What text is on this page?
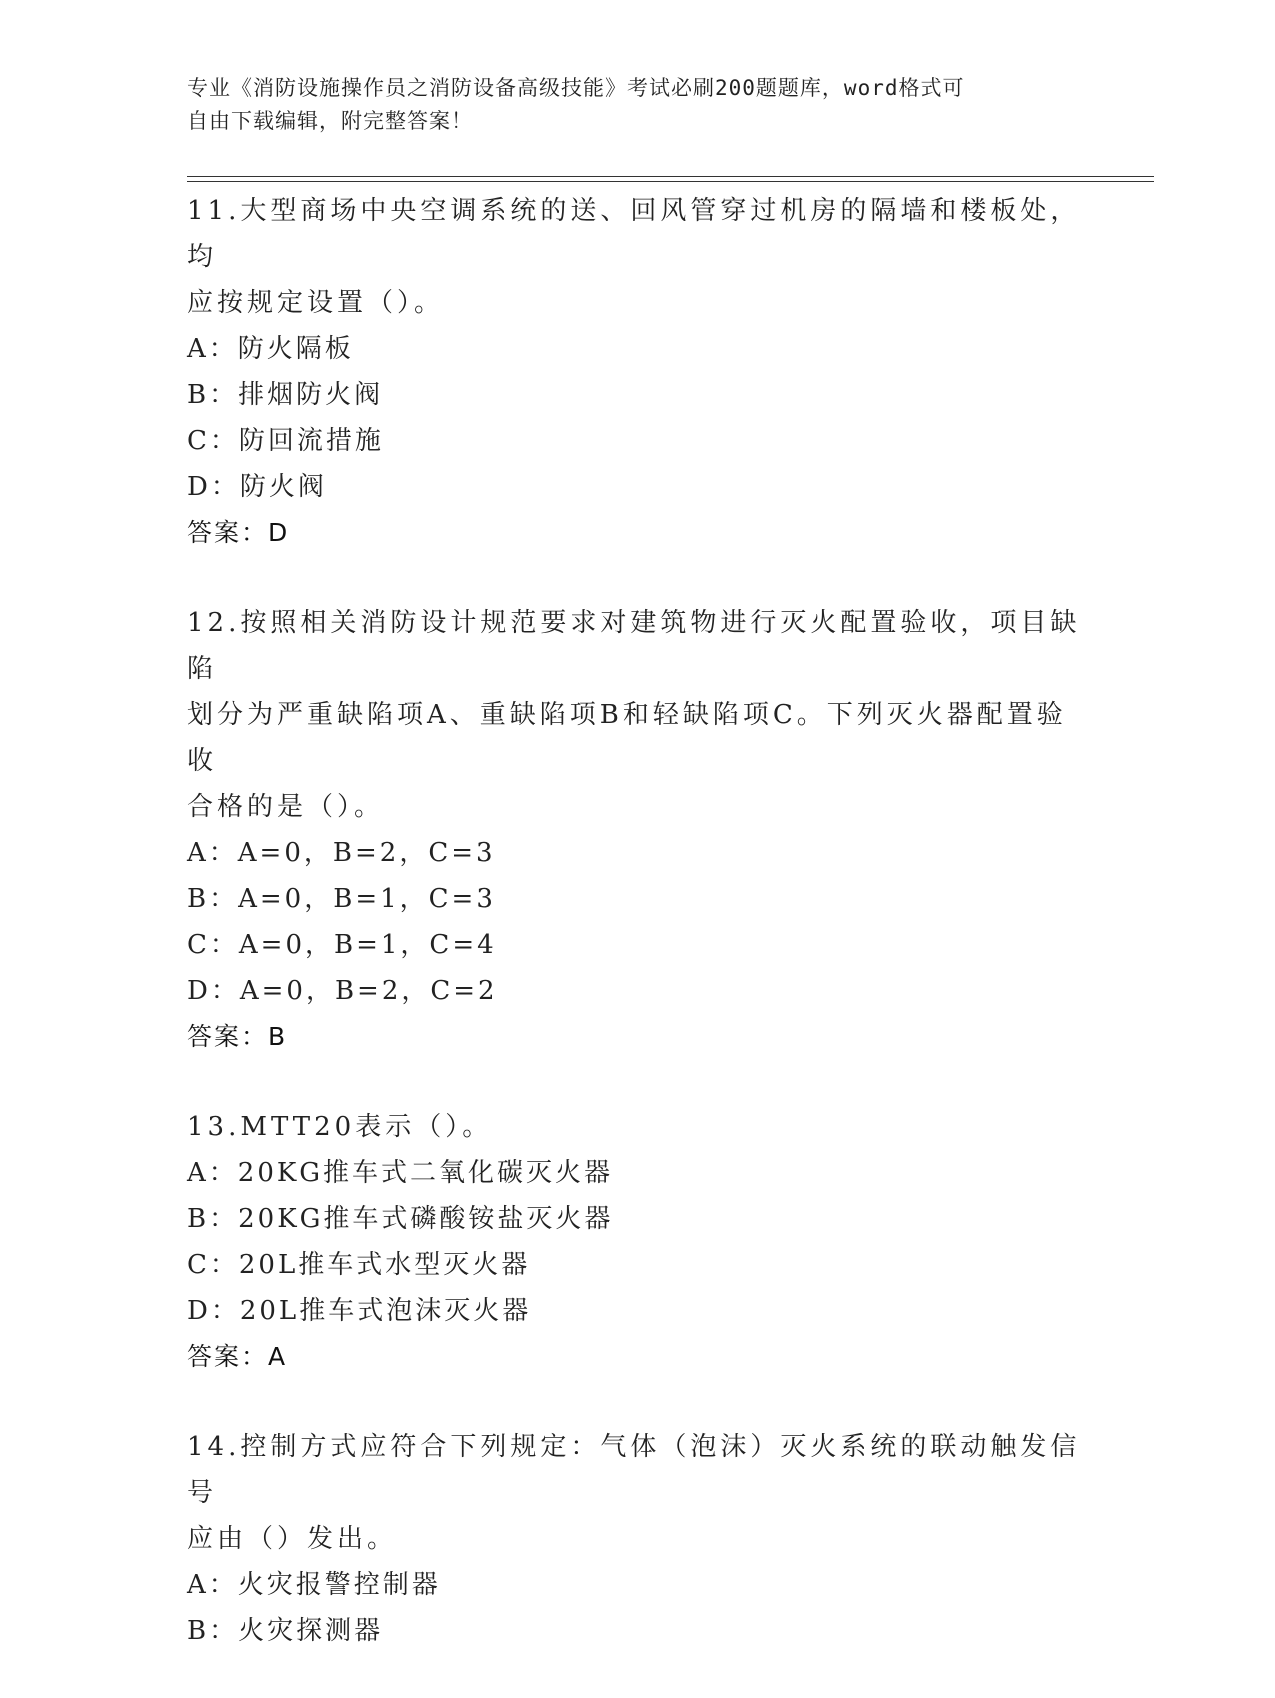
专业《消防设施操作员之消防设备高级技能》考试必刷200题题库，word格式可
自由下载编辑，附完整答案！

11.大型商场中央空调系统的送、回风管穿过机房的隔墙和楼板处，均

应按规定设置（）。

A：防火隔板

B：排烟防火阀

C：防回流措施

D：防火阀

答案：D

12.按照相关消防设计规范要求对建筑物进行灭火配置验收，项目缺陷

划分为严重缺陷项A、重缺陷项B和轻缺陷项C。下列灭火器配置验收

合格的是（）。

A：A=0，B=2，C=3

B：A=0，B=1，C=3

C：A=0，B=1，C=4

D：A=0，B=2，C=2

答案：B

13.MTT20表示（）。

A：20KG推车式二氧化碳灭火器

B：20KG推车式磷酸铵盐灭火器

C：20L推车式水型灭火器

D：20L推车式泡沫灭火器

答案：A

14.控制方式应符合下列规定：气体（泡沫）灭火系统的联动触发信号

应由（）发出。

A：火灾报警控制器

B：火灾探测器
